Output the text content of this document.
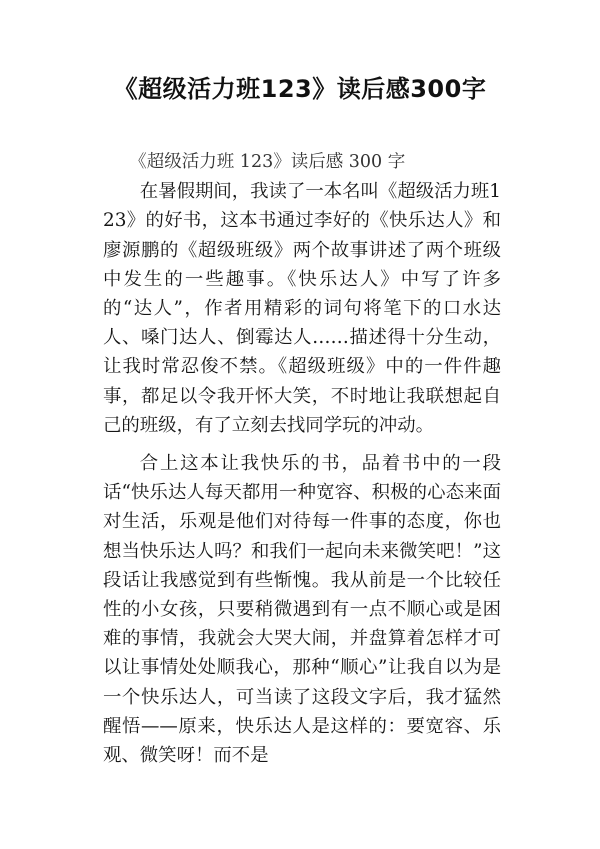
《超级活力班123》读后感300字

《超级活力班 123》读后感 300 字

在暑假期间，我读了一本名叫《超级活力班123》的好书，这本书通过李好的《快乐达人》和廖源鹏的《超级班级》两个故事讲述了两个班级中发生的一些趣事。《快乐达人》中写了许多的“达人”，作者用精彩的词句将笔下的口水达人、嗓门达人、倒霉达人……描述得十分生动，让我时常忍俊不禁。《超级班级》中的一件件趣事，都足以令我开怀大笑，不时地让我联想起自己的班级，有了立刻去找同学玩的冲动。

合上这本让我快乐的书，品着书中的一段话“快乐达人每天都用一种宽容、积极的心态来面对生活，乐观是他们对待每一件事的态度，你也想当快乐达人吗？和我们一起向未来微笑吧！”这段话让我感觉到有些惭愧。我从前是一个比较任性的小女孩，只要稍微遇到有一点不顺心或是困难的事情，我就会大哭大闹，并盘算着怎样才可以让事情处处顺我心，那种“顺心”让我自以为是一个快乐达人，可当读了这段文字后，我才猛然醒悟——原来，快乐达人是这样的：要宽容、乐观、微笑呀！而不是
